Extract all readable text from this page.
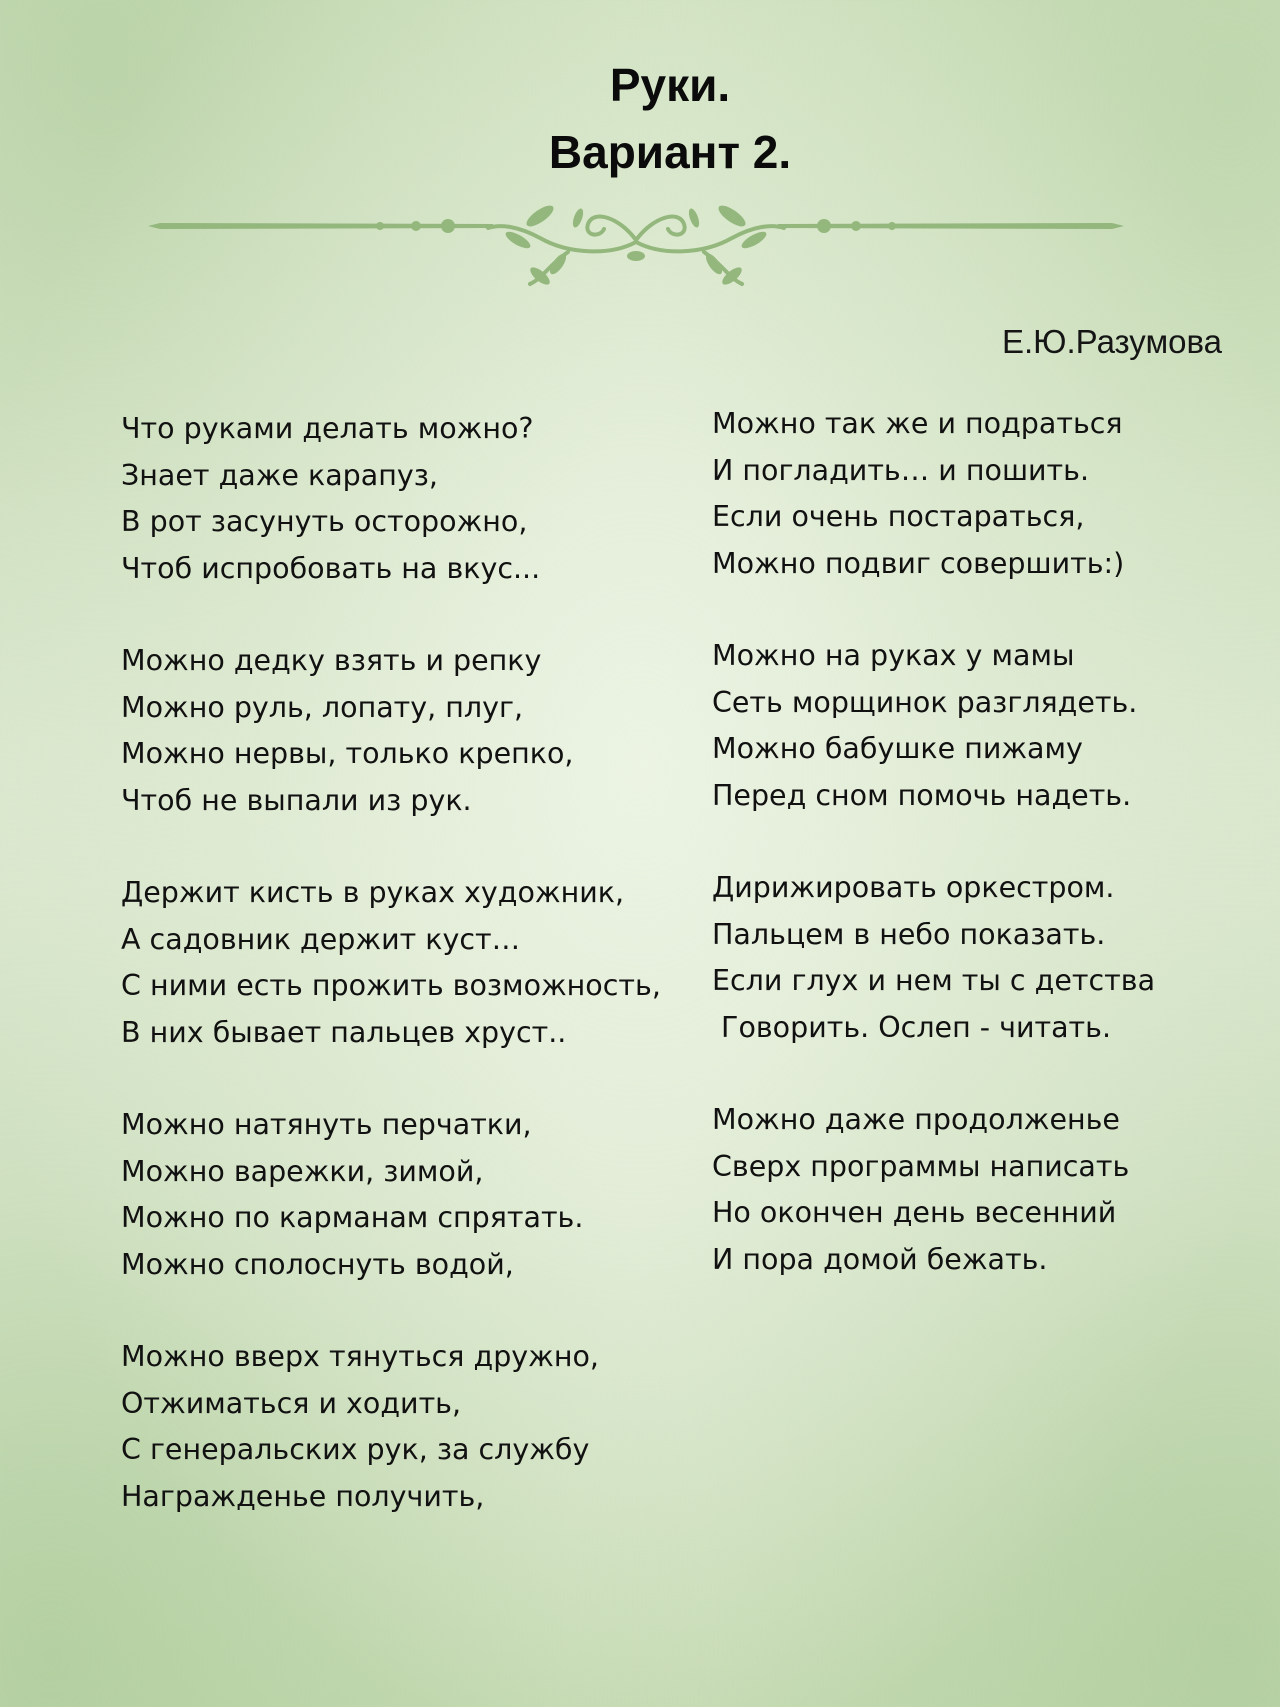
Руки.
Вариант 2.
Е.Ю.Разумова
Что руками делать можно?
Знает даже карапуз,
В рот засунуть осторожно,
Чтоб испробовать на вкус...
Можно дедку взять и репку
Можно руль, лопату, плуг,
Можно нервы, только крепко,
Чтоб не выпали из рук.
Держит кисть в руках художник,
А садовник держит куст…
С ними есть прожить возможность,
В них бывает пальцев хруст..
Можно натянуть перчатки,
Можно варежки, зимой,
Можно по карманам спрятать.
Можно сполоснуть водой,
Можно вверх тянуться дружно,
Отжиматься и ходить,
С генеральских рук, за службу
Награжденье получить,
Можно так же и подраться
И погладить… и пошить.
Если очень постараться,
Можно подвиг совершить:)
Можно на руках у мамы
Сеть морщинок разглядеть.
Можно бабушке пижаму
Перед сном помочь надеть.
Дирижировать оркестром.
Пальцем в небо показать.
Если глух и нем ты с детства
Говорить. Ослеп - читать.
Можно даже продолженье
Сверх программы написать
Но окончен день весенний
И пора домой бежать.
